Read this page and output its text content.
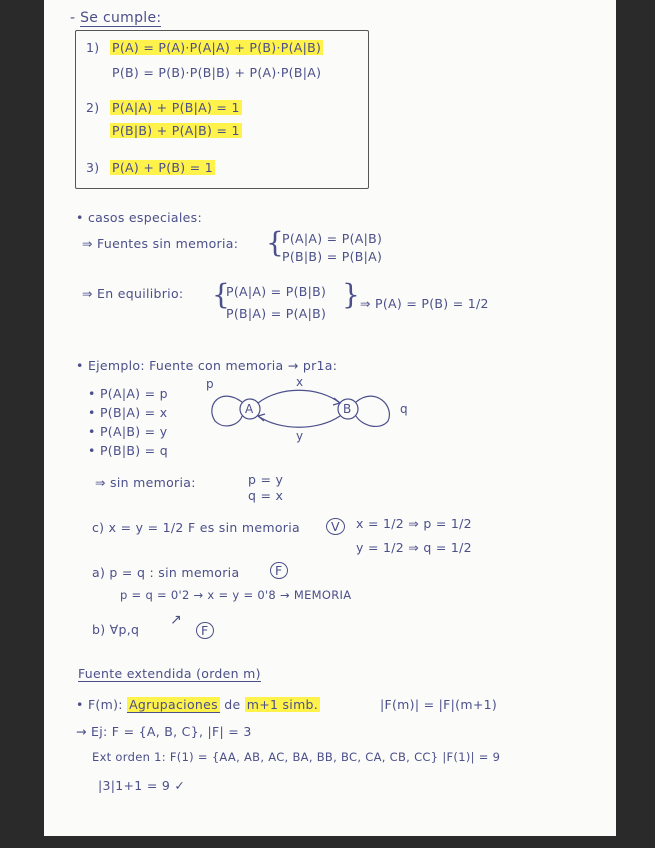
- Se cumple:
1) P(A) = P(A)·P(A|A) + P(B)·P(A|B)
P(B) = P(B)·P(B|B) + P(A)·P(B|A)
2) P(A|A) + P(B|A) = 1
P(B|B) + P(A|B) = 1
3) P(A) + P(B) = 1
• casos especiales:
⇒ Fuentes sin memoria: {
P(A|A) = P(A|B)
P(B|B) = P(B|A)
⇒ En equilibrio: {
P(A|A) = P(B|B)
P(B|A) = P(A|B)
} ⇒ P(A) = P(B) = 1/2
• Ejemplo: Fuente con memoria → pr1a:
• P(A|A) = p
• P(B|A) = x
• P(A|B) = y
• P(B|B) = q
A	B
p
q
x
y
⇒ sin memoria:	p = y
q = x
c) x = y = 1/2 F es sin memoria	V	x = 1/2 ⇒ p = 1/2
y = 1/2 ⇒ q = 1/2
a) p = q : sin memoria	F
p = q = 0'2 → x = y = 0'8 → MEMORIA
b) ∀p,q
↗
F
Fuente extendida (orden m)
• F(m): Agrupaciones de m+1 simb.	|F(m)| = |F|(m+1)
→ Ej: F = {A, B, C}, |F| = 3
Ext orden 1: F(1) = {AA, AB, AC, BA, BB, BC, CA, CB, CC} |F(1)| = 9
|3|1+1 = 9 ✓
